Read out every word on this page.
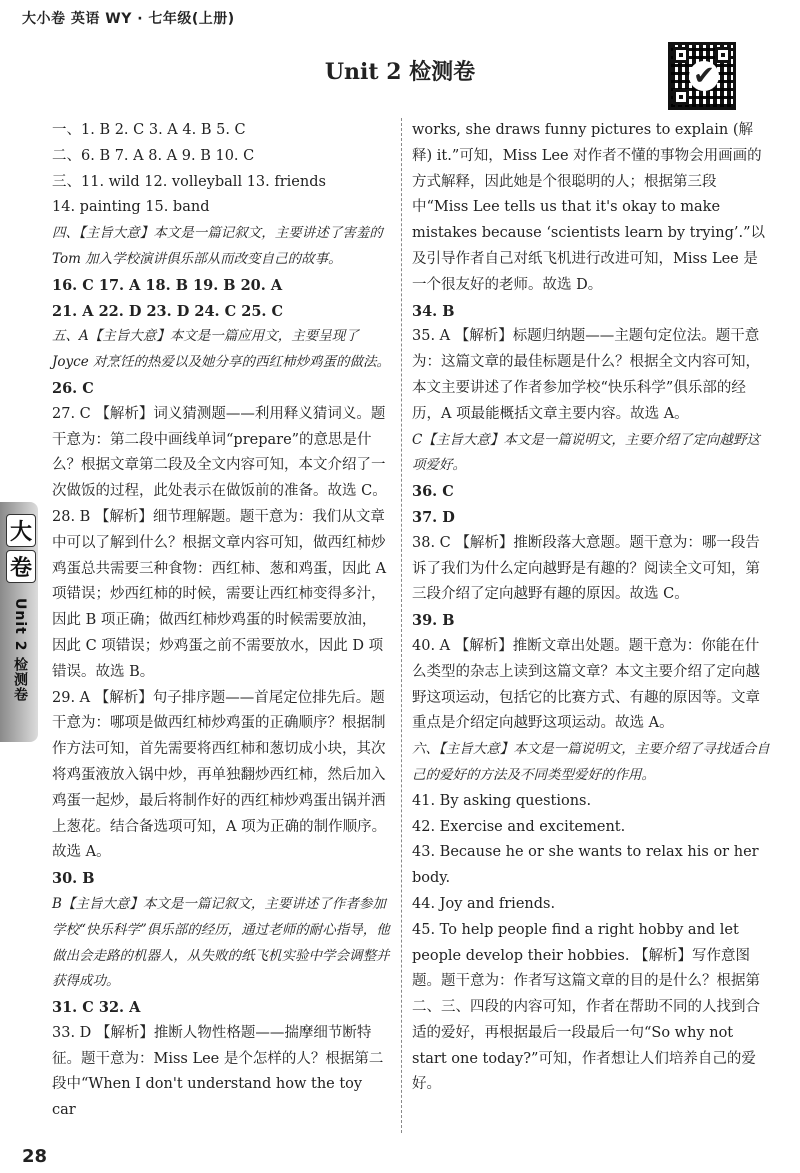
大小卷 英语 WY · 七年级(上册)
Unit 2 检测卷	✔

一、1. B 2. C 3. A 4. B 5. C

二、6. B 7. A 8. A 9. B 10. C

三、11. wild 12. volleyball 13. friends

14. painting 15. band

四、【主旨大意】本文是一篇记叙文，主要讲述了害羞的 Tom 加入学校演讲俱乐部从而改变自己的故事。

16. C 17. A 18. B 19. B 20. A

21. A 22. D 23. D 24. C 25. C

五、A【主旨大意】本文是一篇应用文，主要呈现了 Joyce 对烹饪的热爱以及她分享的西红柿炒鸡蛋的做法。

26. C

27. C 【解析】词义猜测题——利用释义猜词义。题干意为：第二段中画线单词“prepare”的意思是什么？根据文章第二段及全文内容可知，本文介绍了一次做饭的过程，此处表示在做饭前的准备。故选 C。

28. B 【解析】细节理解题。题干意为：我们从文章中可以了解到什么？根据文章内容可知，做西红柿炒鸡蛋总共需要三种食物：西红柿、葱和鸡蛋，因此 A 项错误；炒西红柿的时候，需要让西红柿变得多汁，因此 B 项正确；做西红柿炒鸡蛋的时候需要放油，因此 C 项错误；炒鸡蛋之前不需要放水，因此 D 项错误。故选 B。

29. A 【解析】句子排序题——首尾定位排先后。题干意为：哪项是做西红柿炒鸡蛋的正确顺序？根据制作方法可知，首先需要将西红柿和葱切成小块，其次将鸡蛋液放入锅中炒，再单独翻炒西红柿，然后加入鸡蛋一起炒，最后将制作好的西红柿炒鸡蛋出锅并洒上葱花。结合备选项可知，A 项为正确的制作顺序。故选 A。

30. B

B【主旨大意】本文是一篇记叙文，主要讲述了作者参加学校“快乐科学”俱乐部的经历，通过老师的耐心指导，他做出会走路的机器人，从失败的纸飞机实验中学会调整并获得成功。

31. C 32. A

33. D 【解析】推断人物性格题——揣摩细节断特征。题干意为：Miss Lee 是个怎样的人？根据第二段中“When I don't understand how the toy car

works, she draws funny pictures to explain (解释) it.”可知，Miss Lee 对作者不懂的事物会用画画的方式解释，因此她是个很聪明的人；根据第三段中“Miss Lee tells us that it's okay to make mistakes because ‘scientists learn by trying’.”以及引导作者自己对纸飞机进行改进可知，Miss Lee 是一个很友好的老师。故选 D。

34. B

35. A 【解析】标题归纳题——主题句定位法。题干意为：这篇文章的最佳标题是什么？根据全文内容可知，本文主要讲述了作者参加学校“快乐科学”俱乐部的经历，A 项最能概括文章主要内容。故选 A。

C【主旨大意】本文是一篇说明文，主要介绍了定向越野这项爱好。

36. C

37. D

38. C 【解析】推断段落大意题。题干意为：哪一段告诉了我们为什么定向越野是有趣的？阅读全文可知，第三段介绍了定向越野有趣的原因。故选 C。

39. B

40. A 【解析】推断文章出处题。题干意为：你能在什么类型的杂志上读到这篇文章？本文主要介绍了定向越野这项运动，包括它的比赛方式、有趣的原因等。文章重点是介绍定向越野这项运动。故选 A。

六、【主旨大意】本文是一篇说明文，主要介绍了寻找适合自己的爱好的方法及不同类型爱好的作用。

41. By asking questions.

42. Exercise and excitement.

43. Because he or she wants to relax his or her body.

44. Joy and friends.

45. To help people find a right hobby and let people develop their hobbies. 【解析】写作意图题。题干意为：作者写这篇文章的目的是什么？根据第二、三、四段的内容可知，作者在帮助不同的人找到合适的爱好，再根据最后一段最后一句“So why not start one today?”可知，作者想让人们培养自己的爱好。

大
卷
Unit 2 检测卷
28
